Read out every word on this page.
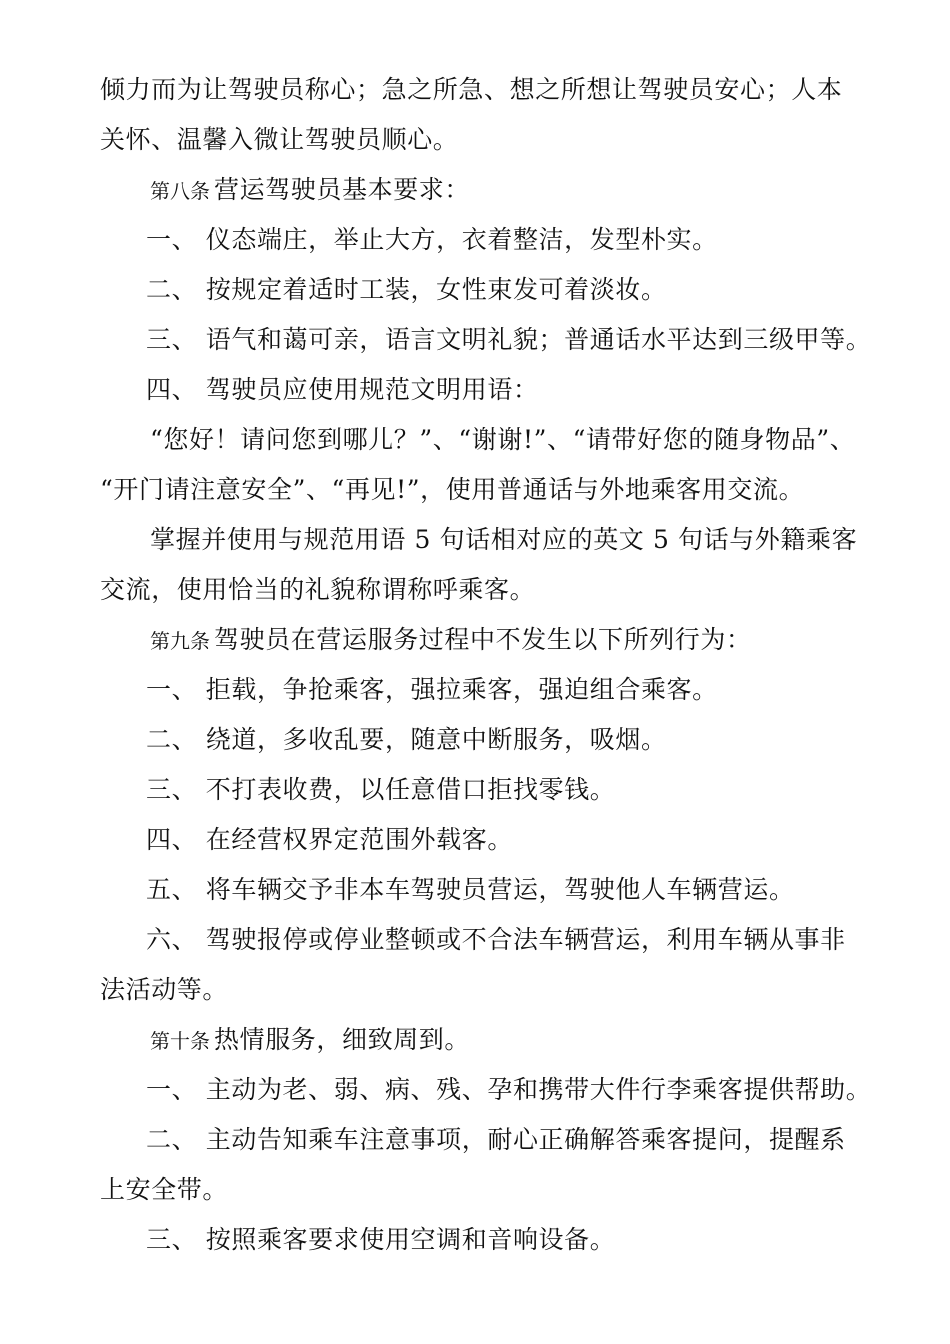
倾力而为让驾驶员称心；急之所急、想之所想让驾驶员安心；人本
关怀、温馨入微让驾驶员顺心。
第八条 营运驾驶员基本要求：
一、 仪态端庄，举止大方，衣着整洁，发型朴实。
二、 按规定着适时工装，女性束发可着淡妆。
三、 语气和蔼可亲，语言文明礼貌；普通话水平达到三级甲等。
四、 驾驶员应使用规范文明用语：
“您好！请问您到哪儿？”、“谢谢!”、“请带好您的随身物品”、
“开门请注意安全”、“再见!”，使用普通话与外地乘客用交流。
掌握并使用与规范用语 5 句话相对应的英文 5 句话与外籍乘客
交流，使用恰当的礼貌称谓称呼乘客。
第九条 驾驶员在营运服务过程中不发生以下所列行为：
一、 拒载，争抢乘客，强拉乘客，强迫组合乘客。
二、 绕道，多收乱要，随意中断服务，吸烟。
三、 不打表收费，以任意借口拒找零钱。
四、 在经营权界定范围外载客。
五、 将车辆交予非本车驾驶员营运，驾驶他人车辆营运。
六、 驾驶报停或停业整顿或不合法车辆营运，利用车辆从事非
法活动等。
第十条 热情服务，细致周到。
一、 主动为老、弱、病、残、孕和携带大件行李乘客提供帮助。
二、 主动告知乘车注意事项，耐心正确解答乘客提问，提醒系
上安全带。
三、 按照乘客要求使用空调和音响设备。
